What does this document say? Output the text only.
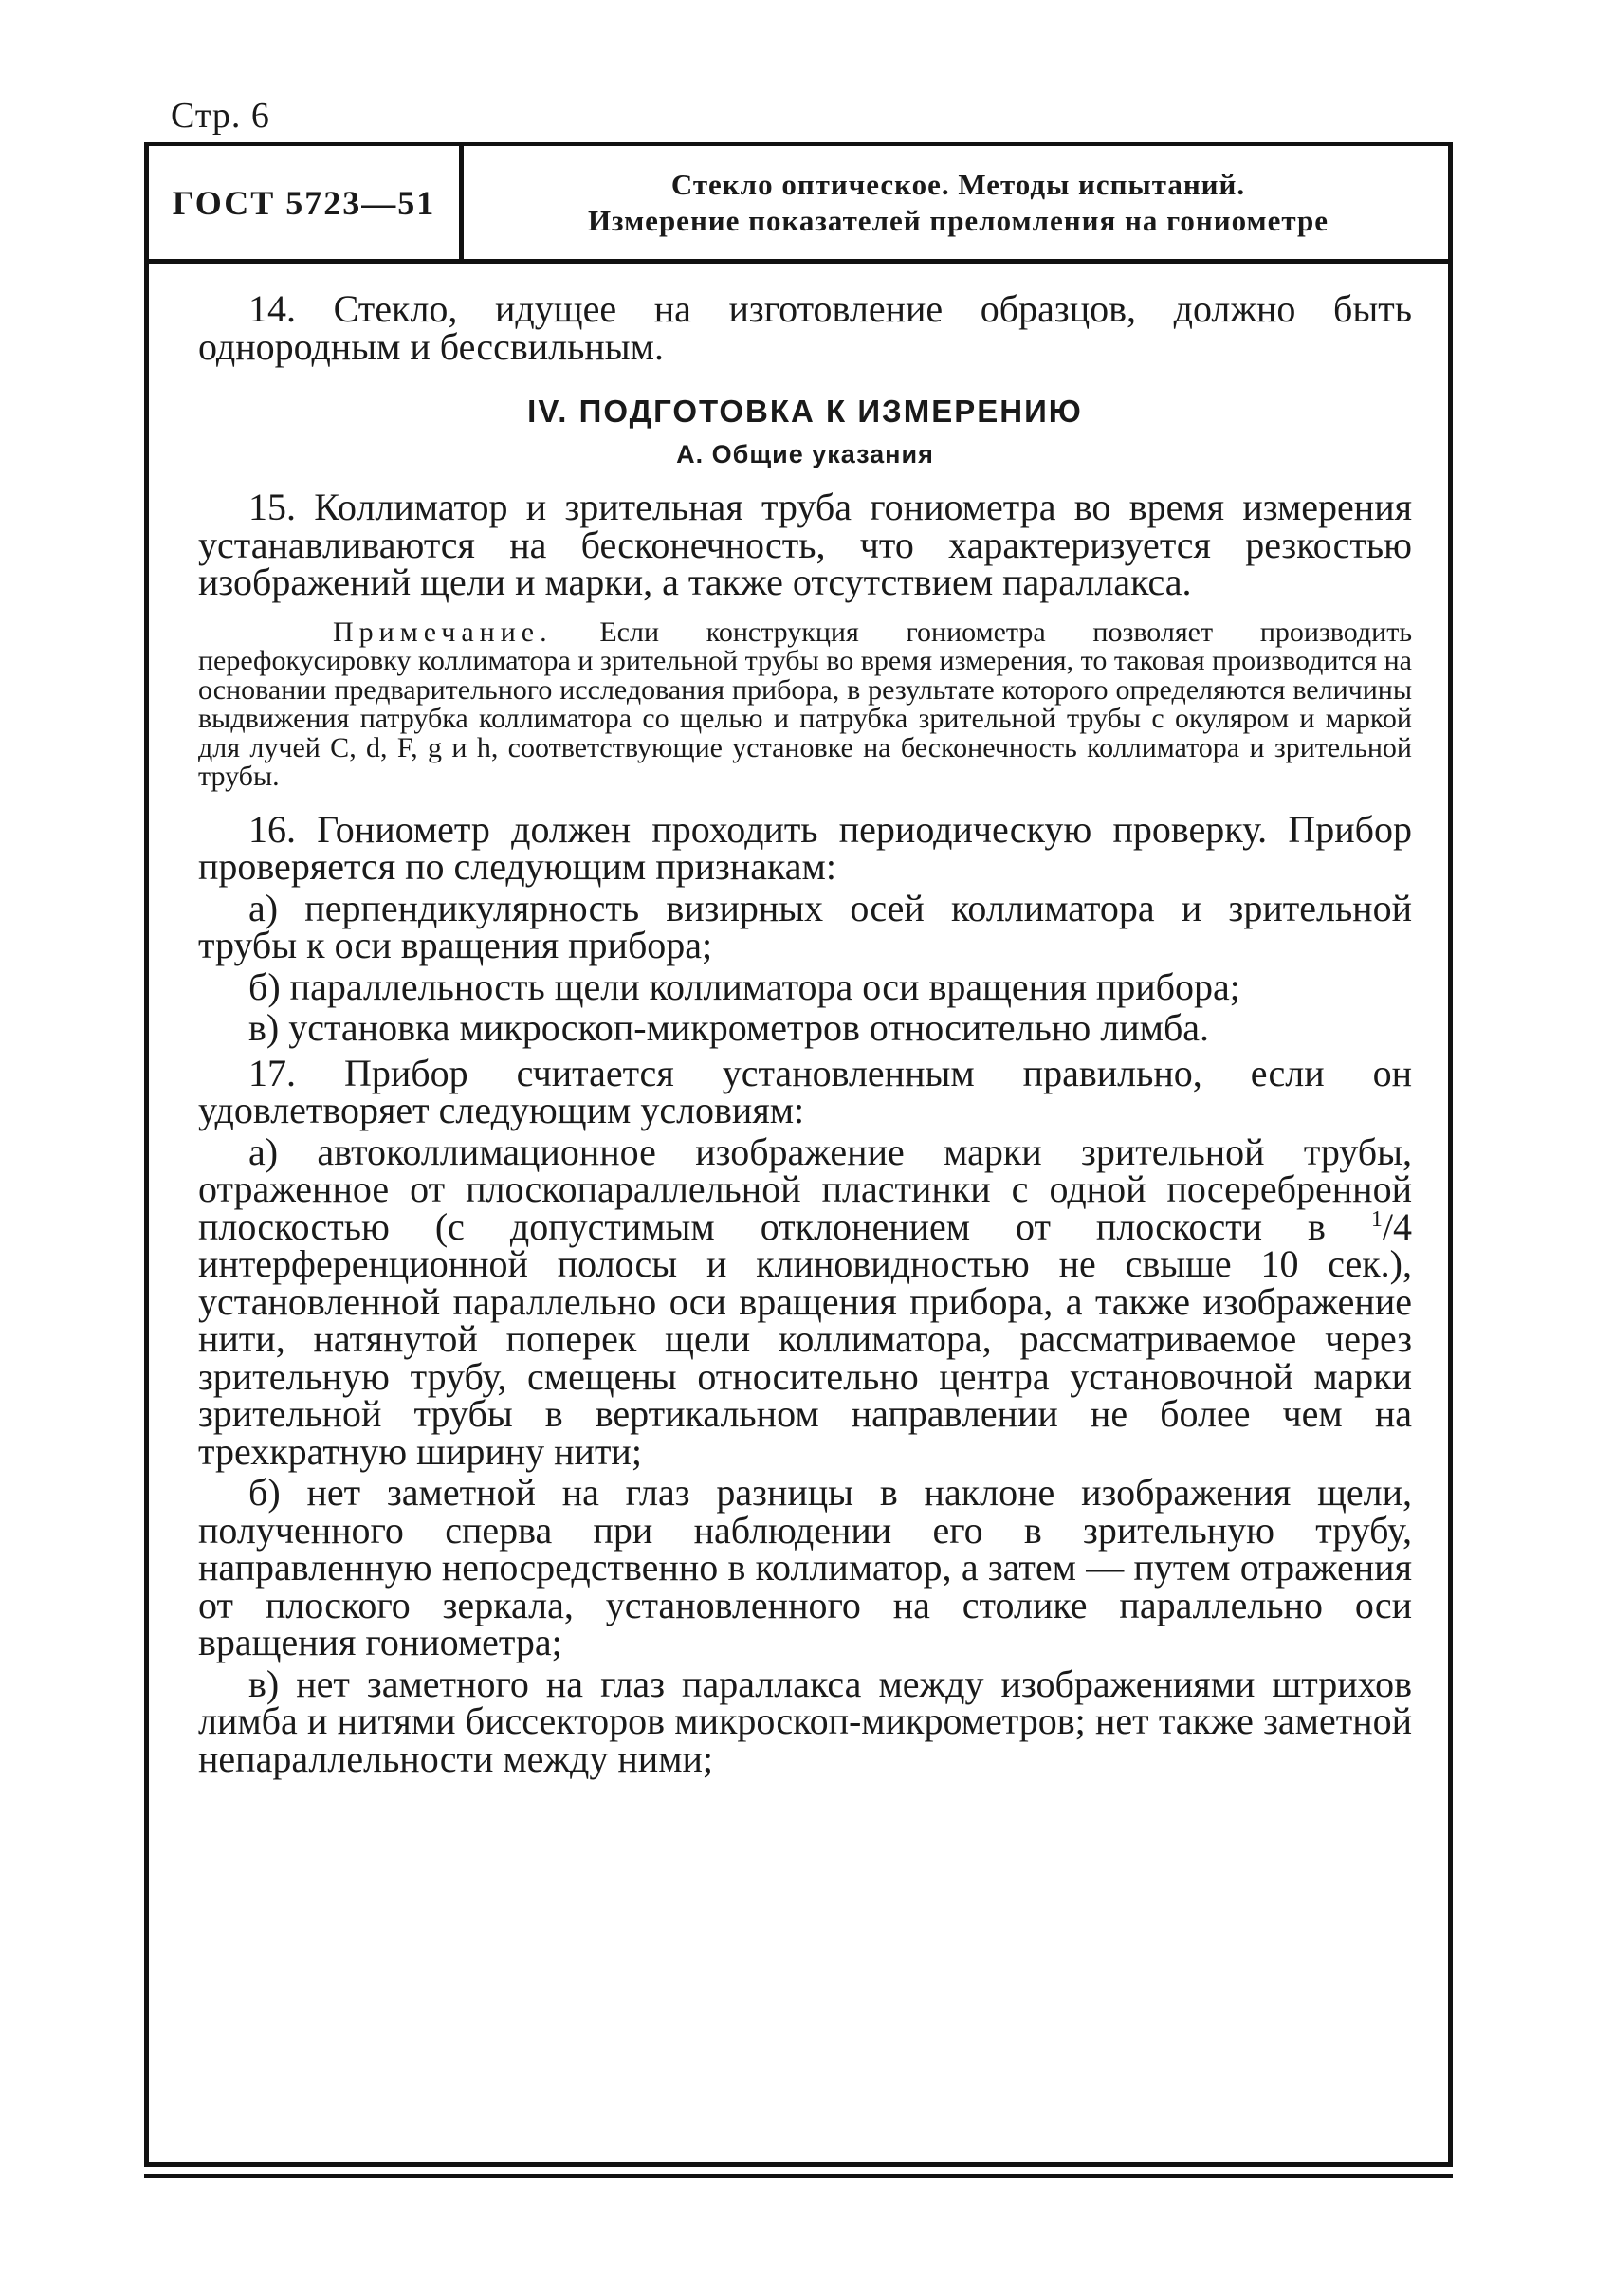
Стр. 6
ГОСТ 5723—51	Стекло оптическое. Методы испытаний.
Измерение показателей преломления на гониометре

14. Стекло, идущее на изготовление образцов, должно быть однородным и бессвильным.

IV. ПОДГОТОВКА К ИЗМЕРЕНИЮ

А. Общие указания

15. Коллиматор и зрительная труба гониометра во время измерения устанавливаются на бесконечность, что характеризуется резкостью изображений щели и марки, а также отсутствием параллакса.

Примечание. Если конструкция гониометра позволяет производить перефокусировку коллиматора и зрительной трубы во время измерения, то таковая производится на основании предварительного исследования прибора, в результате которого определяются величины выдвижения патрубка коллиматора со щелью и патрубка зрительной трубы с окуляром и маркой для лучей C, d, F, g и h, соответствующие установке на бесконечность коллиматора и зрительной трубы.

16. Гониометр должен проходить периодическую проверку. Прибор проверяется по следующим признакам:

а) перпендикулярность визирных осей коллиматора и зрительной трубы к оси вращения прибора;

б) параллельность щели коллиматора оси вращения прибора;

в) установка микроскоп-микрометров относительно лимба.

17. Прибор считается установленным правильно, если он удовлетворяет следующим условиям:

а) автоколлимационное изображение марки зрительной трубы, отраженное от плоскопараллельной пластинки с одной посеребренной плоскостью (с допустимым отклонением от плоскости в $^1$/4 интерференционной полосы и клиновидностью не свыше 10 сек.), установленной параллельно оси вращения прибора, а также изображение нити, натянутой поперек щели коллиматора, рассматриваемое через зрительную трубу, смещены относительно центра установочной марки зрительной трубы в вертикальном направлении не более чем на трехкратную ширину нити;

б) нет заметной на глаз разницы в наклоне изображения щели, полученного сперва при наблюдении его в зрительную трубу, направленную непосредственно в коллиматор, а затем — путем отражения от плоского зеркала, установленного на столике параллельно оси вращения гониометра;

в) нет заметного на глаз параллакса между изображениями штрихов лимба и нитями биссекторов микроскоп-микрометров; нет также заметной непараллельности между ними;
